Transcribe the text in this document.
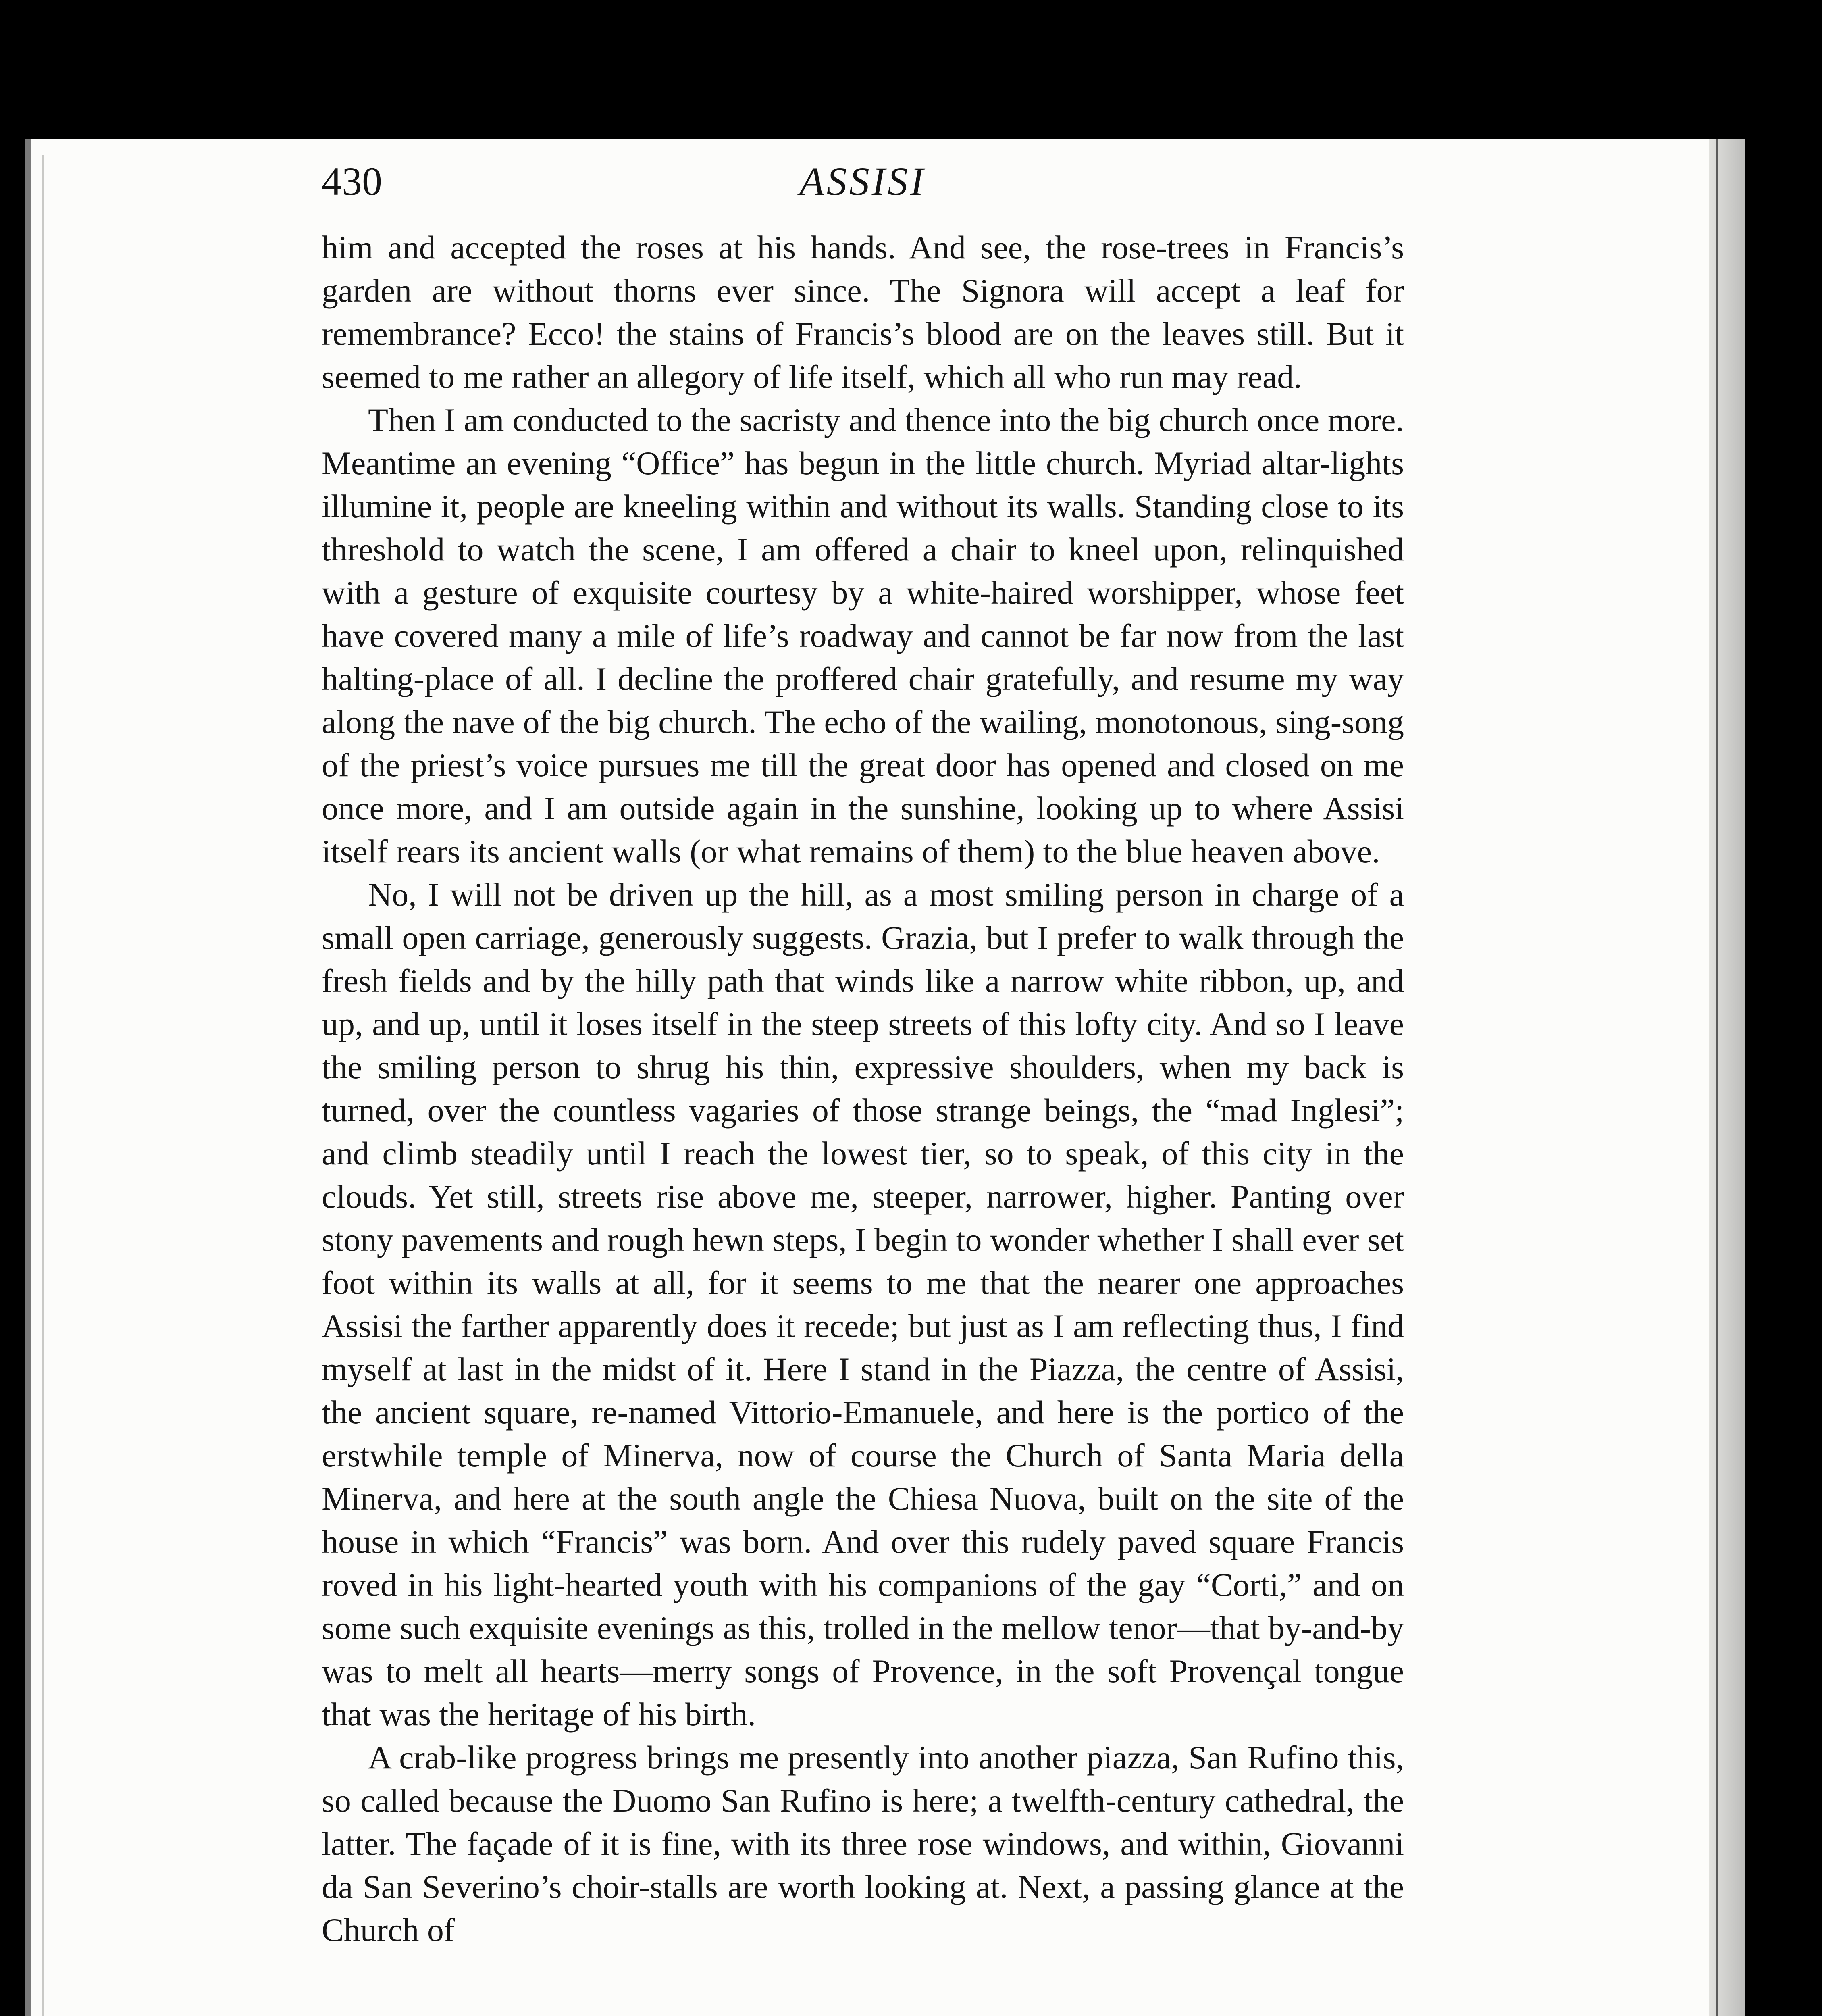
430	ASSISI

him and accepted the roses at his hands. And see, the rose-trees in Francis’s garden are without thorns ever since. The Signora will accept a leaf for remembrance? Ecco! the stains of Francis’s blood are on the leaves still. But it seemed to me rather an allegory of life itself, which all who run may read.

Then I am conducted to the sacristy and thence into the big church once more. Meantime an evening “Office” has begun in the little church. Myriad altar-lights illumine it, people are kneeling within and without its walls. Standing close to its threshold to watch the scene, I am offered a chair to kneel upon, relinquished with a gesture of exquisite courtesy by a white-haired worshipper, whose feet have covered many a mile of life’s roadway and cannot be far now from the last halting-place of all. I decline the proffered chair gratefully, and resume my way along the nave of the big church. The echo of the wailing, monotonous, sing-song of the priest’s voice pursues me till the great door has opened and closed on me once more, and I am outside again in the sunshine, looking up to where Assisi itself rears its ancient walls (or what remains of them) to the blue heaven above.

No, I will not be driven up the hill, as a most smiling person in charge of a small open carriage, generously suggests. Grazia, but I prefer to walk through the fresh fields and by the hilly path that winds like a narrow white ribbon, up, and up, and up, until it loses itself in the steep streets of this lofty city. And so I leave the smiling person to shrug his thin, expressive shoulders, when my back is turned, over the countless vagaries of those strange beings, the “mad Inglesi”; and climb steadily until I reach the lowest tier, so to speak, of this city in the clouds. Yet still, streets rise above me, steeper, narrower, higher. Panting over stony pavements and rough hewn steps, I begin to wonder whether I shall ever set foot within its walls at all, for it seems to me that the nearer one approaches Assisi the farther apparently does it recede; but just as I am reflecting thus, I find myself at last in the midst of it. Here I stand in the Piazza, the centre of Assisi, the ancient square, re-named Vittorio-Emanuele, and here is the portico of the erstwhile temple of Minerva, now of course the Church of Santa Maria della Minerva, and here at the south angle the Chiesa Nuova, built on the site of the house in which “Francis” was born. And over this rudely paved square Francis roved in his light-hearted youth with his companions of the gay “Corti,” and on some such exquisite evenings as this, trolled in the mellow tenor—that by-and-by was to melt all hearts—merry songs of Provence, in the soft Provençal tongue that was the heritage of his birth.

A crab-like progress brings me presently into another piazza, San Rufino this, so called because the Duomo San Rufino is here; a twelfth-century cathedral, the latter. The façade of it is fine, with its three rose windows, and within, Giovanni da San Severino’s choir-stalls are worth looking at. Next, a passing glance at the Church of
